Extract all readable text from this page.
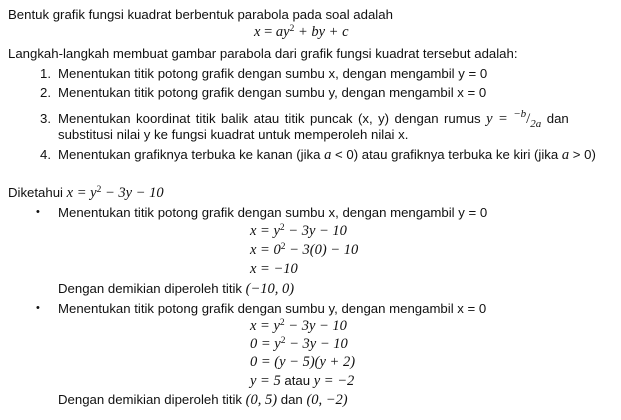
Bentuk grafik fungsi kuadrat berbentuk parabola pada soal adalah
$x = ay^2$ + by + c
Langkah-langkah membuat gambar parabola dari grafik fungsi kuadrat tersebut adalah:
1. Menentukan titik potong grafik dengan sumbu x, dengan mengambil y = 0
2. Menentukan titik potong grafik dengan sumbu y, dengan mengambil x = 0
3. Menentukan koordinat titik balik atau titik puncak (x, y) dengan rumus $y = ^{-b}/_{2a}$ dan
substitusi nilai y ke fungsi kuadrat untuk memperoleh nilai x.
4. Menentukan grafiknya terbuka ke kanan (jika a < 0) atau grafiknya terbuka ke kiri (jika a > 0)
Diketahui $x = y^2 - 3y - 10$
• Menentukan titik potong grafik dengan sumbu x, dengan mengambil y = 0
$x = y^2 - 3y - 10$
$x = 0^2 - 3(0) - 10$
x = −10
Dengan demikian diperoleh titik (−10, 0)
• Menentukan titik potong grafik dengan sumbu y, dengan mengambil x = 0
$x = y^2 - 3y - 10$
$0 = y^2 - 3y - 10$
0 = (y − 5)(y + 2)
y = 5 atau y = −2
Dengan demikian diperoleh titik (0, 5) dan (0, −2)
